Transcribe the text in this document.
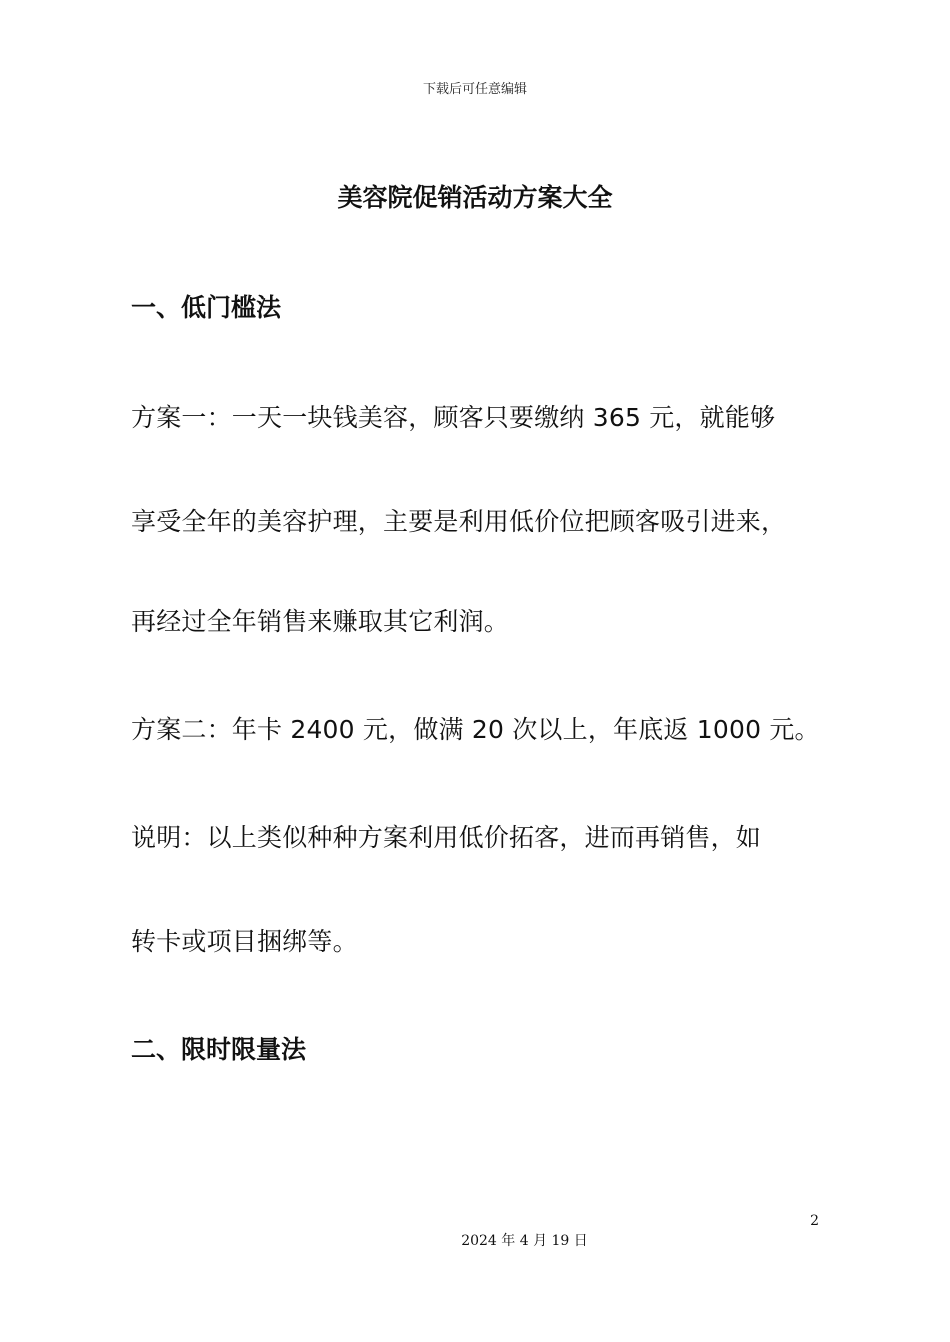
下载后可任意编辑
美容院促销活动方案大全
一、低门槛法
方案一：一天一块钱美容，顾客只要缴纳 365 元，就能够
享受全年的美容护理，主要是利用低价位把顾客吸引进来，
再经过全年销售来赚取其它利润。
方案二：年卡 2400 元，做满 20 次以上，年底返 1000 元。
说明：以上类似种种方案利用低价拓客，进而再销售，如
转卡或项目捆绑等。
二、限时限量法
2
2024 年 4 月 19 日
